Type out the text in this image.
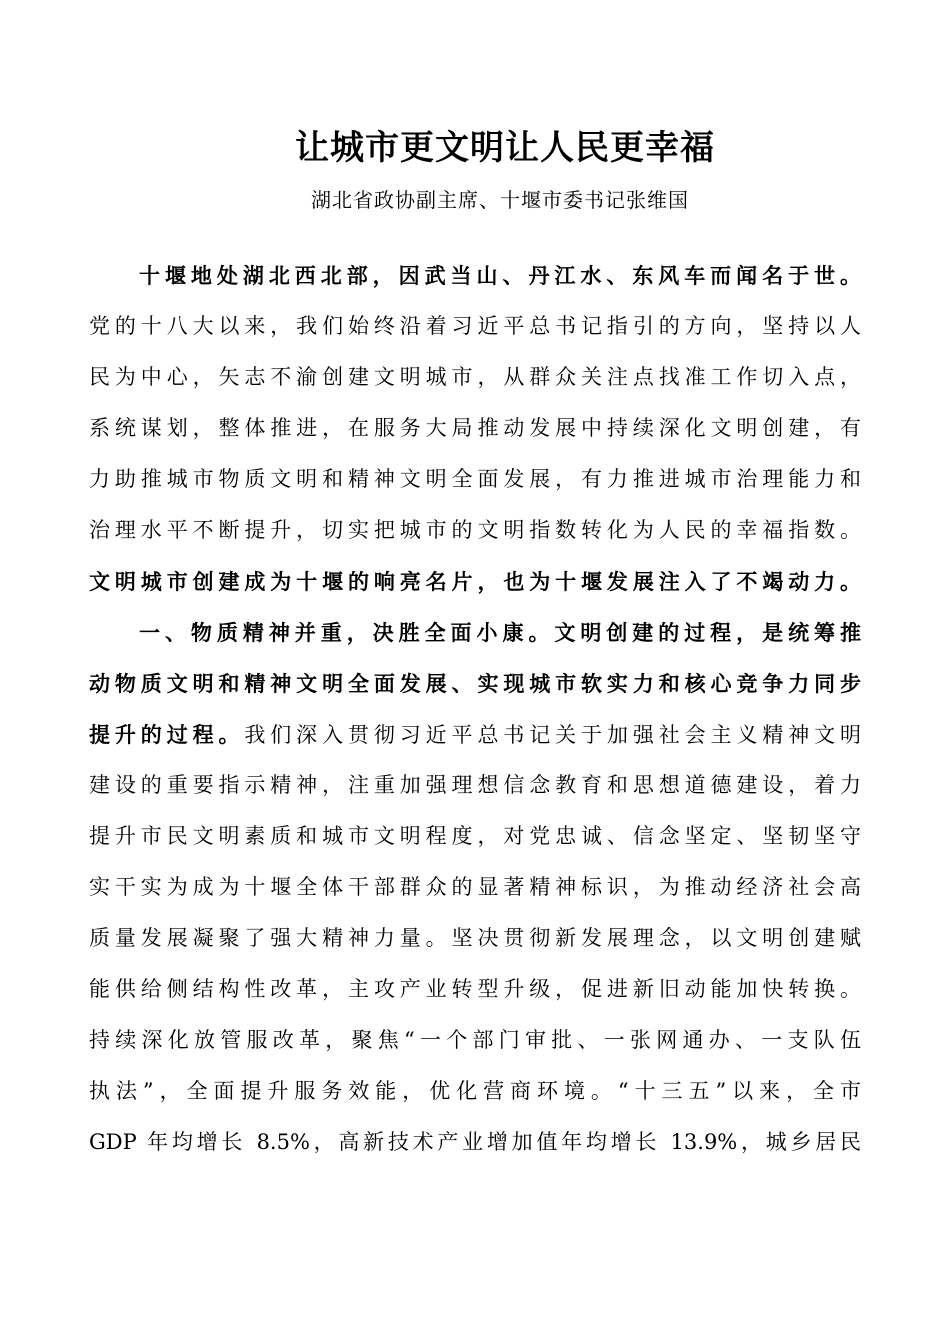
让城市更文明让人民更幸福

湖北省政协副主席、十堰市委书记张维国

十堰地处湖北西北部，因武当山、丹江水、东风车而闻名于世。
党的十八大以来，我们始终沿着习近平总书记指引的方向，坚持以人
民为中心，矢志不渝创建文明城市，从群众关注点找准工作切入点，
系统谋划，整体推进，在服务大局推动发展中持续深化文明创建，有
力助推城市物质文明和精神文明全面发展，有力推进城市治理能力和
治理水平不断提升，切实把城市的文明指数转化为人民的幸福指数。
文明城市创建成为十堰的响亮名片，也为十堰发展注入了不竭动力。
一、物质精神并重，决胜全面小康。文明创建的过程，是统筹推
动物质文明和精神文明全面发展、实现城市软实力和核心竞争力同步
提升的过程。我们深入贯彻习近平总书记关于加强社会主义精神文明
建设的重要指示精神，注重加强理想信念教育和思想道德建设，着力
提升市民文明素质和城市文明程度，对党忠诚、信念坚定、坚韧坚守
实干实为成为十堰全体干部群众的显著精神标识，为推动经济社会高
质量发展凝聚了强大精神力量。坚决贯彻新发展理念，以文明创建赋
能供给侧结构性改革，主攻产业转型升级，促进新旧动能加快转换。
持续深化放管服改革，聚焦“一个部门审批、一张网通办、一支队伍
执法”，全面提升服务效能，优化营商环境。“十三五”以来，全市
GDP 年均增长 8.5%，高新技术产业增加值年均增长 13.9%，城乡居民
